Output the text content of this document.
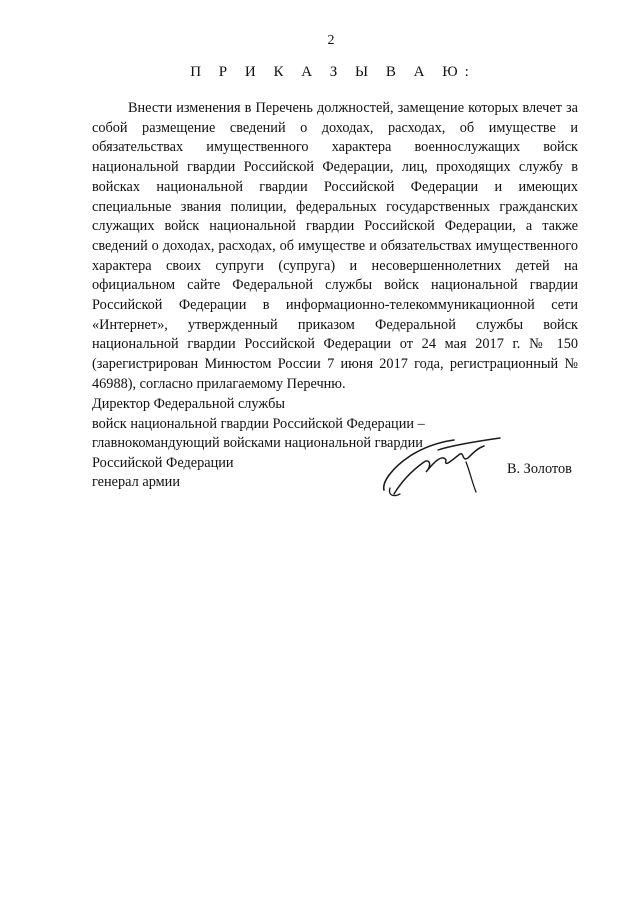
2
П Р И К А З Ы В А Ю:

Внести изменения в Перечень должностей, замещение которых влечет за собой размещение сведений о доходах, расходах, об имуществе и обязательствах имущественного характера военнослужащих войск национальной гвардии Российской Федерации, лиц, проходящих службу в войсках национальной гвардии Российской Федерации и имеющих специальные звания полиции, федеральных государственных гражданских служащих войск национальной гвардии Российской Федерации, а также сведений о доходах, расходах, об имуществе и обязательствах имущественного характера своих супруги (супруга) и несовершеннолетних детей на официальном сайте Федеральной службы войск национальной гвардии Российской Федерации в информационно-телекоммуникационной сети «Интернет», утвержденный приказом Федеральной службы войск национальной гвардии Российской Федерации от 24 мая 2017 г. № 150 (зарегистрирован Минюстом России 7 июня 2017 года, регистрационный № 46988), согласно прилагаемому Перечню.

Директор Федеральной службы
войск национальной гвардии Российской Федерации –
главнокомандующий войсками национальной гвардии
Российской Федерации
генерал армии
В. Золотов
